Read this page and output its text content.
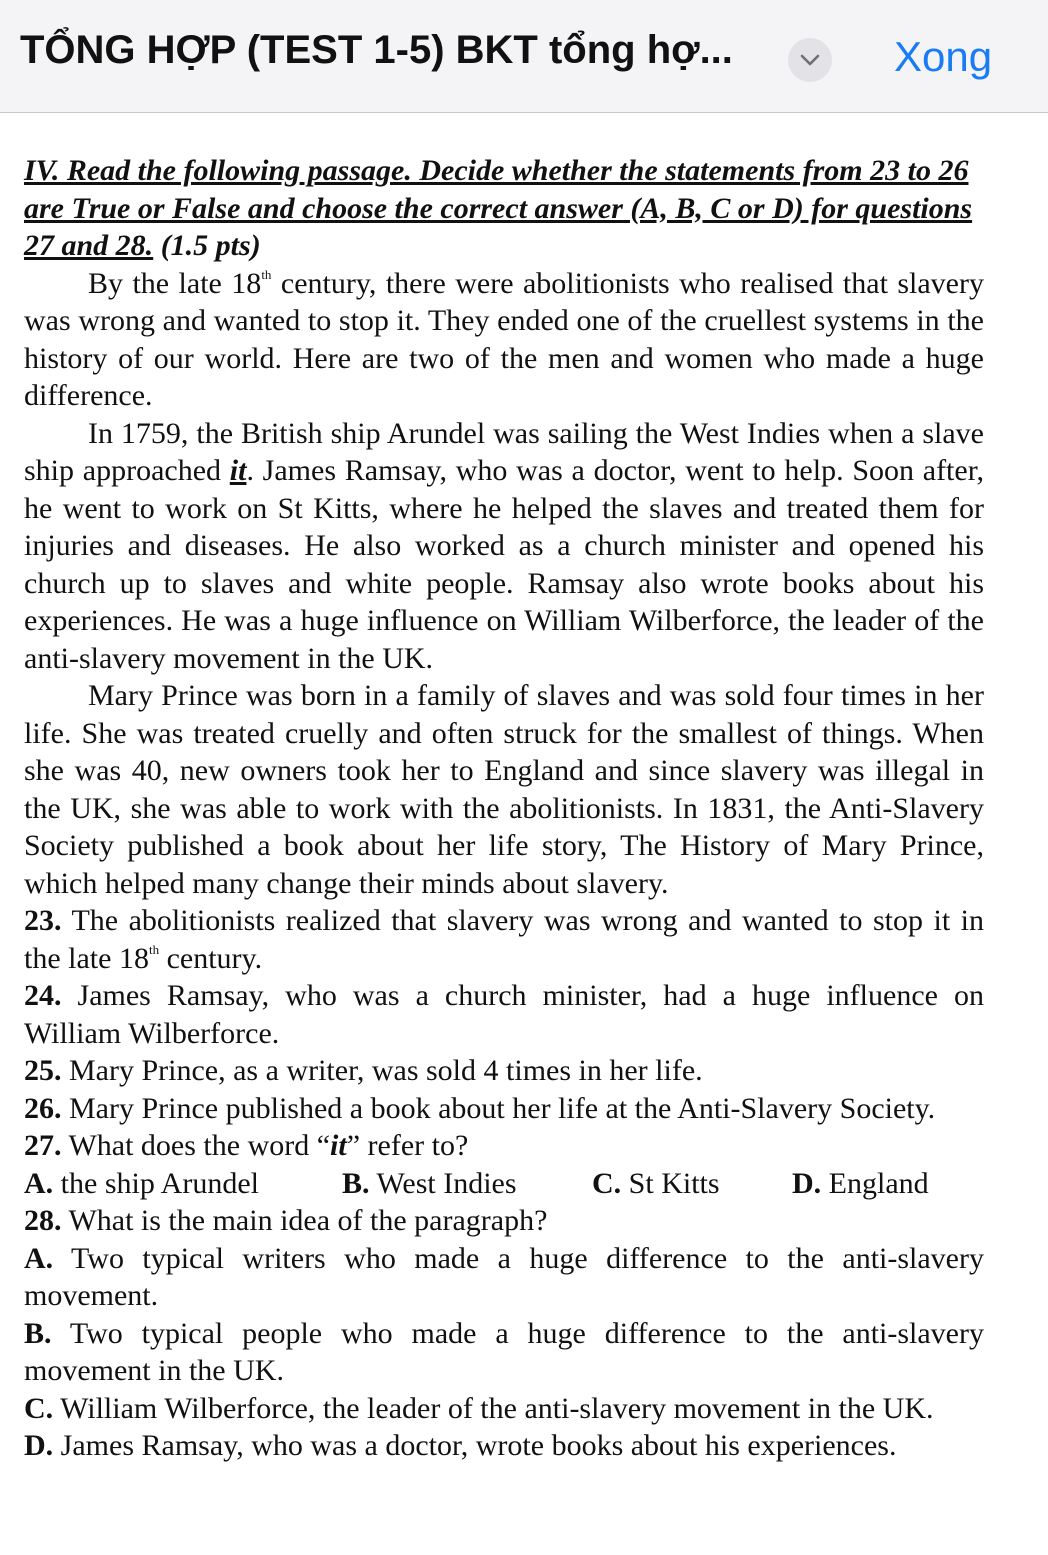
TỔNG HỢP (TEST 1-5) BKT tổng hợ...	Xong

IV. Read the following passage. Decide whether the statements from 23 to 26 are True or False and choose the correct answer (A, B, C or D) for questions 27 and 28. (1.5 pts)

By the late 18th century, there were abolitionists who realised that slavery was wrong and wanted to stop it. They ended one of the cruellest systems in the history of our world. Here are two of the men and women who made a huge difference.

In 1759, the British ship Arundel was sailing the West Indies when a slave ship approached it. James Ramsay, who was a doctor, went to help. Soon after, he went to work on St Kitts, where he helped the slaves and treated them for injuries and diseases. He also worked as a church minister and opened his church up to slaves and white people. Ramsay also wrote books about his experiences. He was a huge influence on William Wilberforce, the leader of the anti-slavery movement in the UK.

Mary Prince was born in a family of slaves and was sold four times in her life. She was treated cruelly and often struck for the smallest of things. When she was 40, new owners took her to England and since slavery was illegal in the UK, she was able to work with the abolitionists. In 1831, the Anti-Slavery Society published a book about her life story, The History of Mary Prince, which helped many change their minds about slavery.

23. The abolitionists realized that slavery was wrong and wanted to stop it in the late 18th century.

24. James Ramsay, who was a church minister, had a huge influence on William Wilberforce.

25. Mary Prince, as a writer, was sold 4 times in her life.

26. Mary Prince published a book about her life at the Anti-Slavery Society.

27. What does the word “it” refer to?

A. the ship Arundel	B. West Indies	C. St Kitts	D. England

28. What is the main idea of the paragraph?

A. Two typical writers who made a huge difference to the anti-slavery movement.

B. Two typical people who made a huge difference to the anti-slavery movement in the UK.

C. William Wilberforce, the leader of the anti-slavery movement in the UK.

D. James Ramsay, who was a doctor, wrote books about his experiences.
